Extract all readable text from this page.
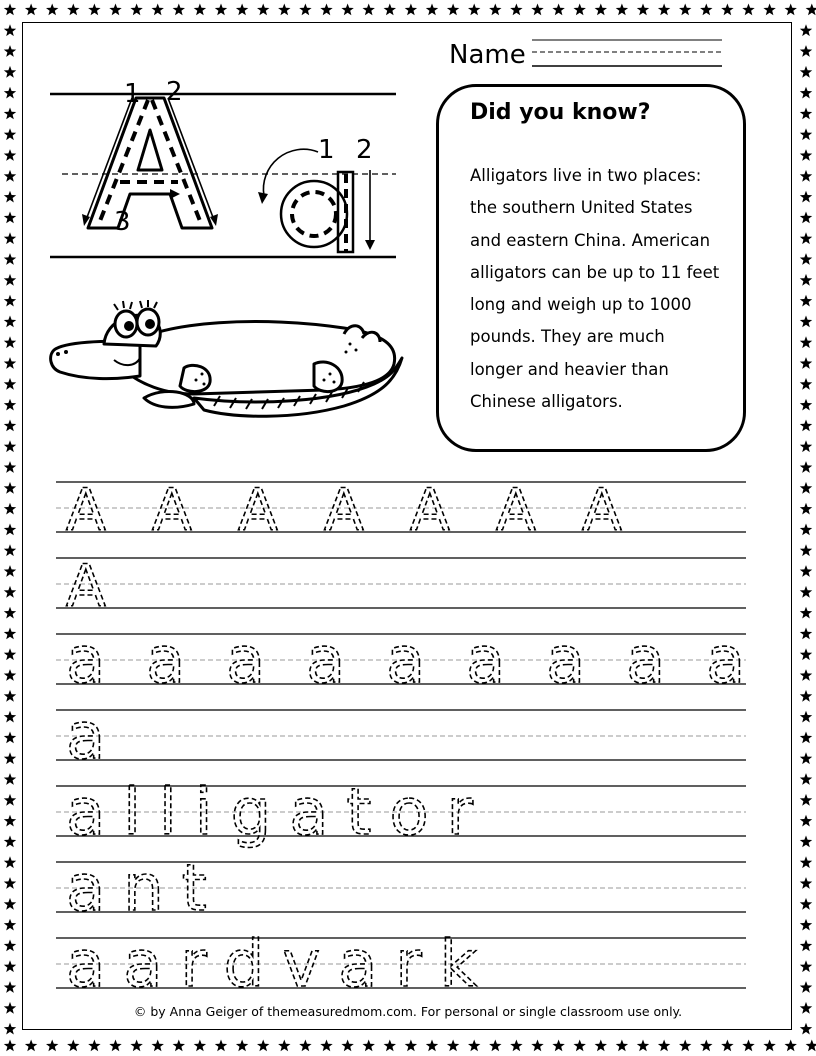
Name
1 2
3
1 2
Did you know?
Alligators live in two places:
the southern United States
and eastern China. American
alligators can be up to 11 feet
long and weigh up to 1000
pounds. They are much
longer and heavier than
Chinese alligators.
A A A A A A A
A
a a a a a a a a a
a
alligator
ant
aardvark
© by Anna Geiger of themeasuredmom.com. For personal or single classroom use only.
